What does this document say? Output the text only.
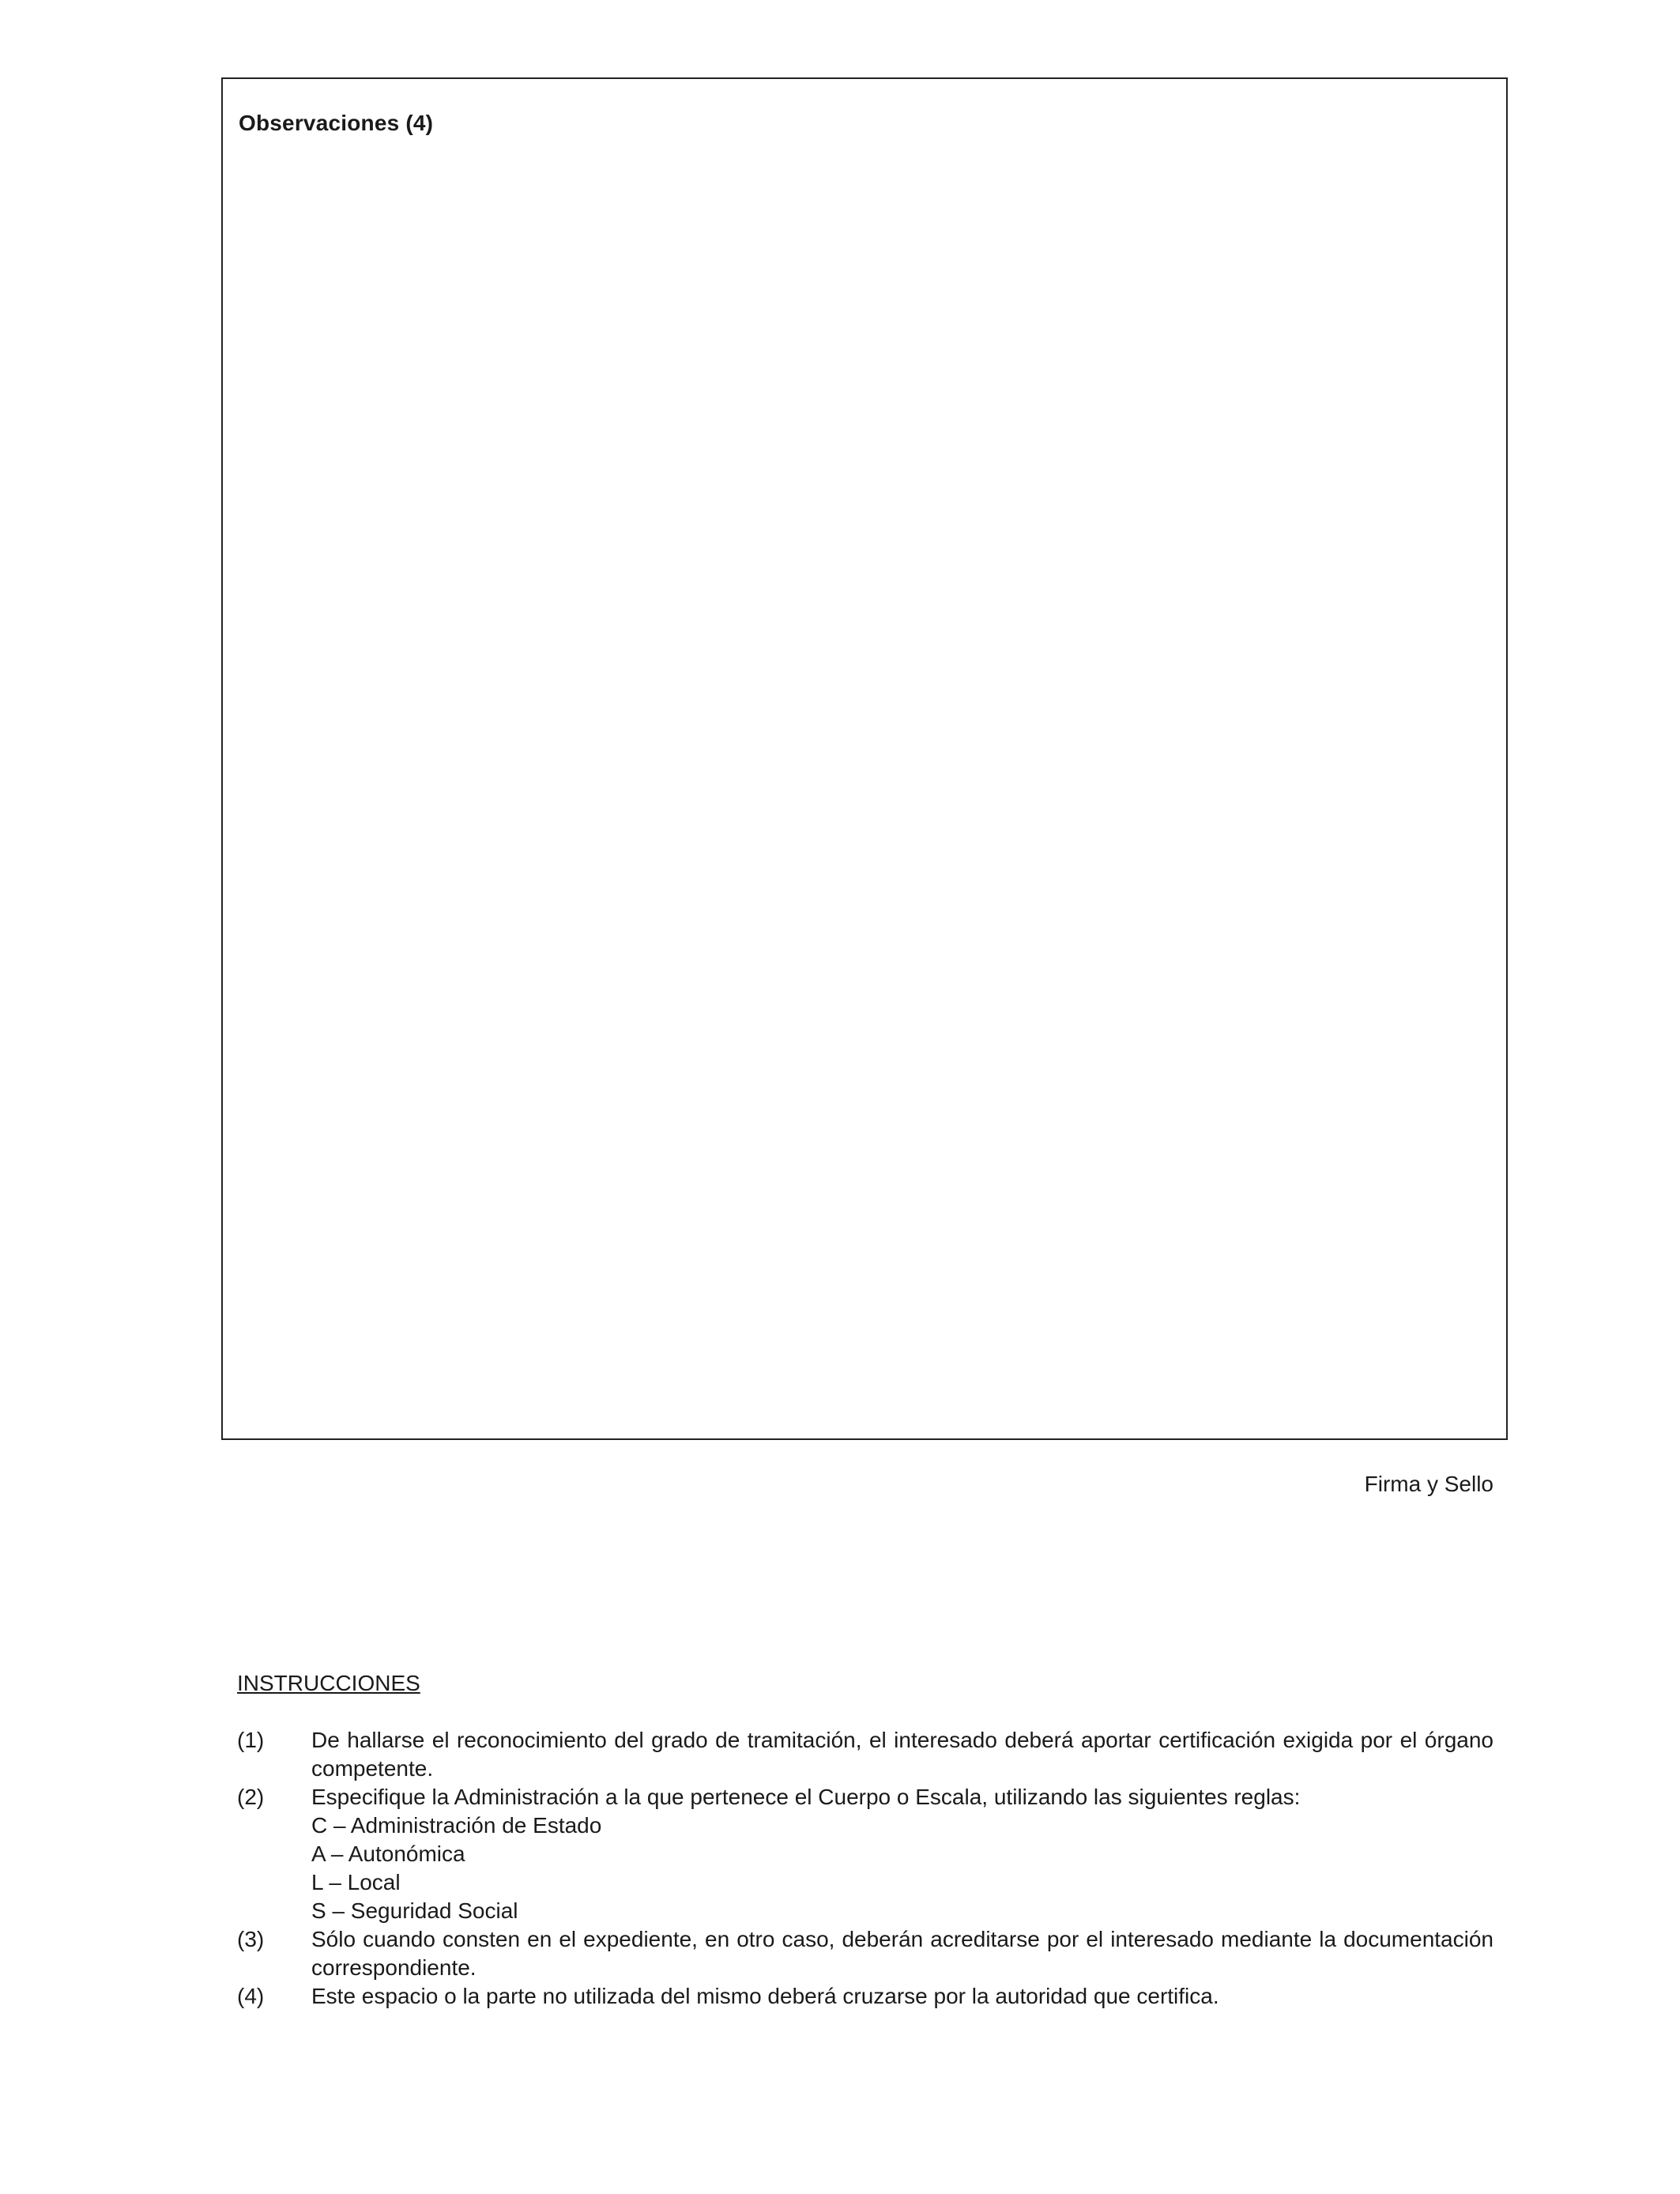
Observaciones (4)
Firma y Sello
INSTRUCCIONES
(1)	De hallarse el reconocimiento del grado de tramitación, el interesado deberá aportar certificación exigida por el órgano competente.
(2)	Especifique la Administración a la que pertenece el Cuerpo o Escala, utilizando las siguientes reglas:
C – Administración de Estado
A – Autonómica
L – Local
S – Seguridad Social
(3)	Sólo cuando consten en el expediente, en otro caso, deberán acreditarse por el interesado mediante la documentación correspondiente.
(4)	Este espacio o la parte no utilizada del mismo deberá cruzarse por la autoridad que certifica.
